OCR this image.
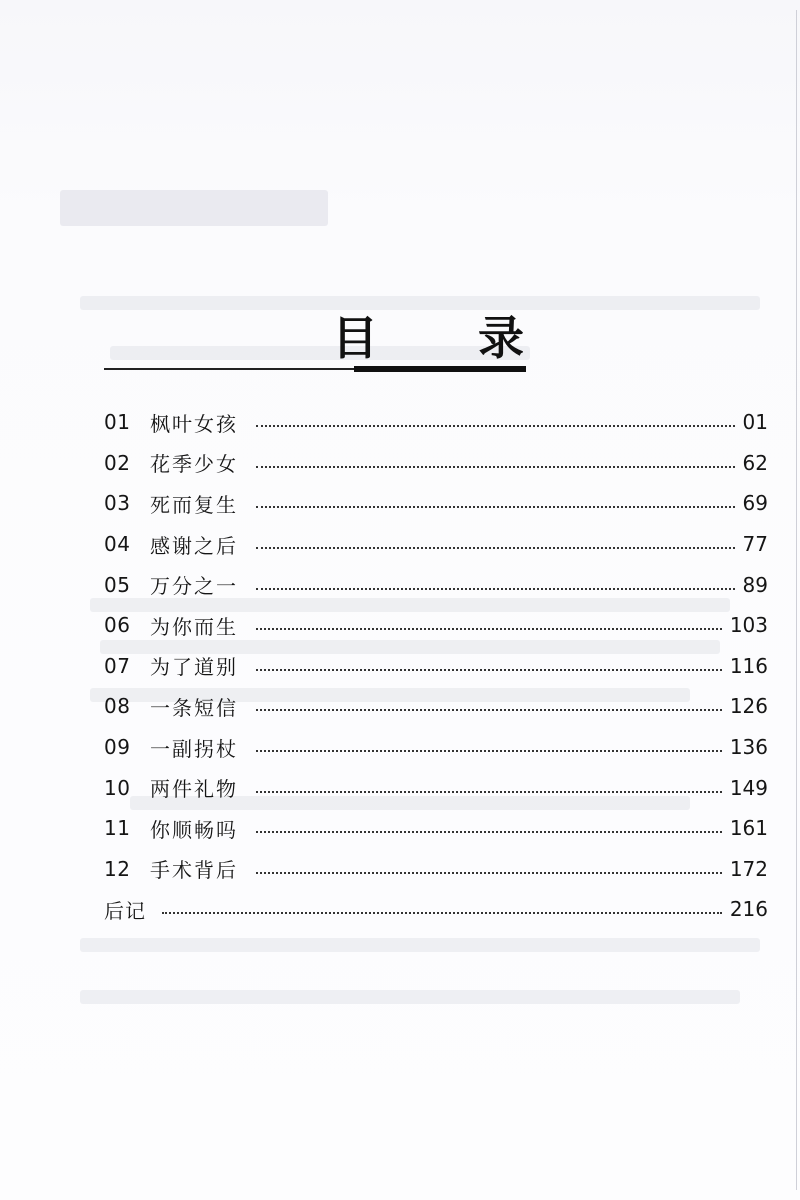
目 录
01 枫叶女孩	01
02 花季少女	62
03 死而复生	69
04 感谢之后	77
05 万分之一	89
06 为你而生	103
07 为了道别	116
08 一条短信	126
09 一副拐杖	136
10 两件礼物	149
11 你顺畅吗	161
12 手术背后	172
后记	216
